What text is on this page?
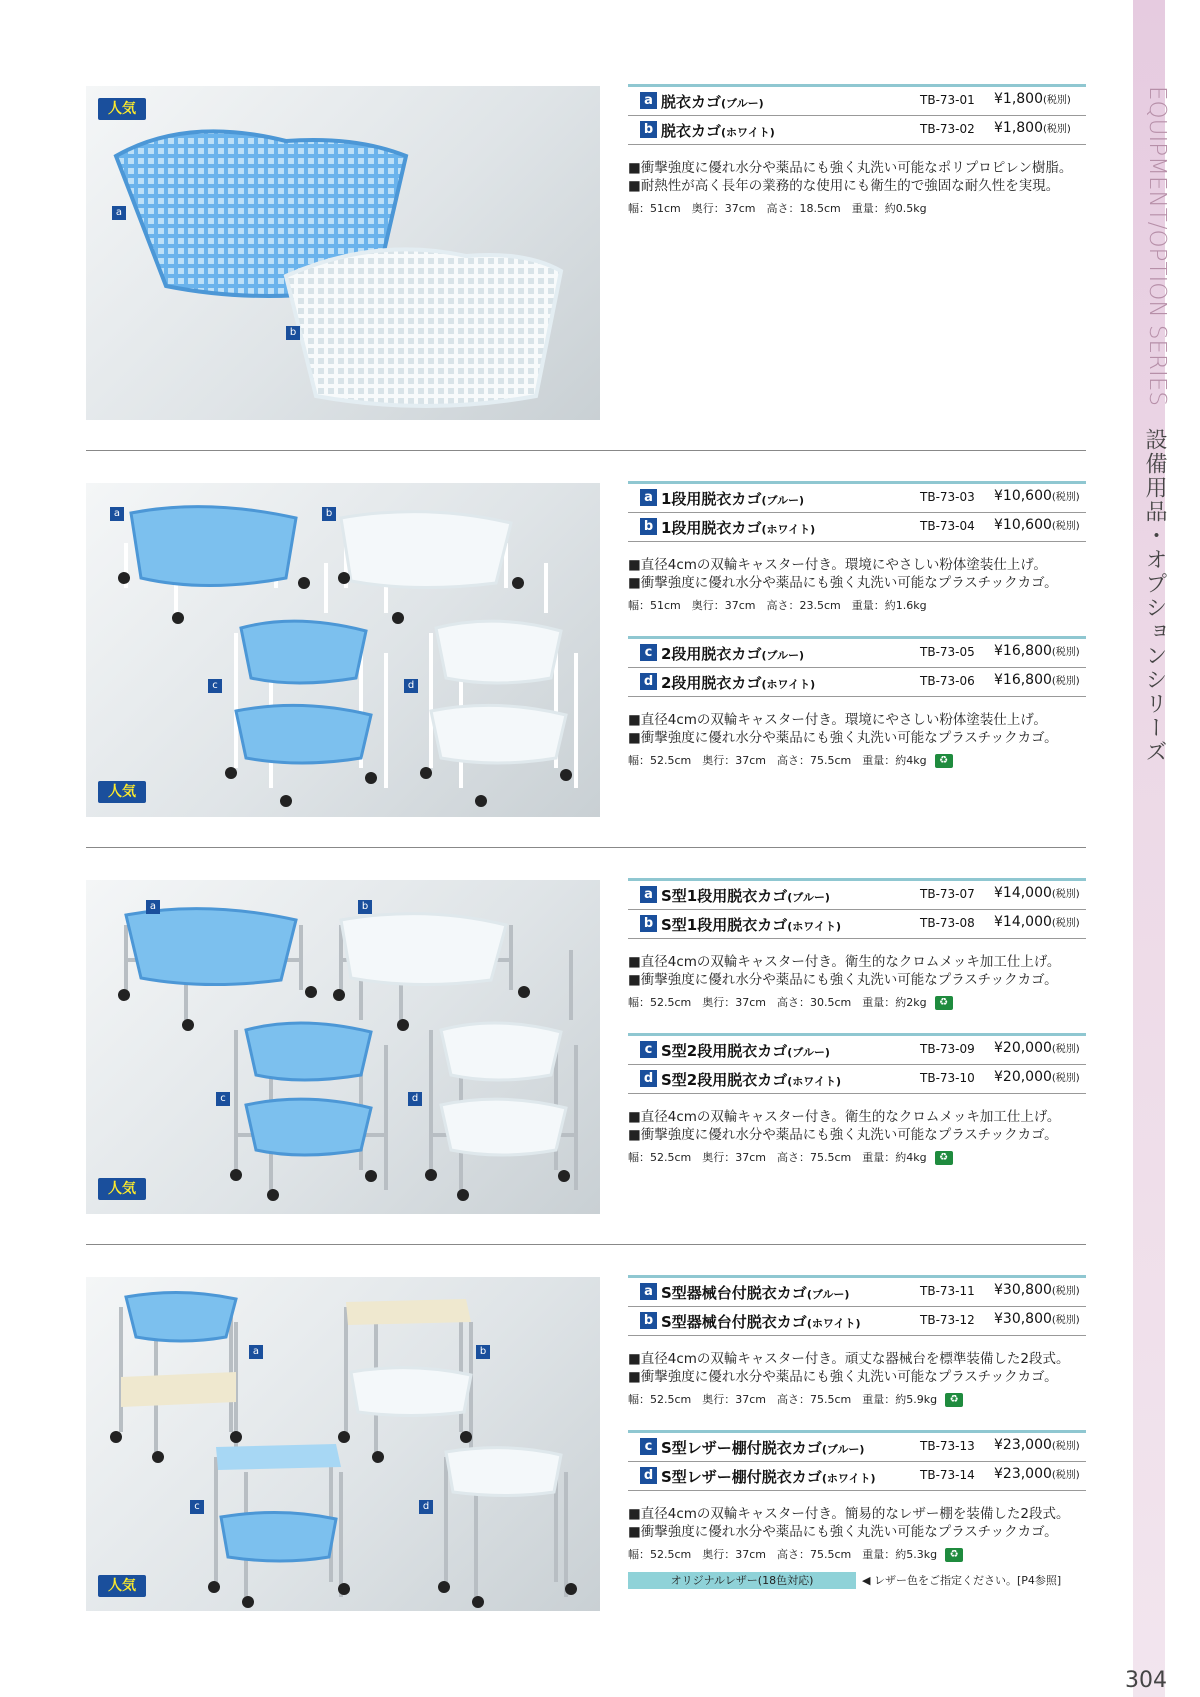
EQUIPMENT/OPTION SERIES
設備用品・オプションシリーズ
304
人気
a
b
a 脱衣カゴ(ブルー)	TB-73-01 ¥1,800(税別)
b 脱衣カゴ(ホワイト)	TB-73-02 ¥1,800(税別)
■衝撃強度に優れ水分や薬品にも強く丸洗い可能なポリプロピレン樹脂。
■耐熱性が高く長年の業務的な使用にも衛生的で強固な耐久性を実現。
幅：51cm　奥行：37cm　高さ：18.5cm　重量：約0.5kg
a	b
c	d
人気
a 1段用脱衣カゴ(ブルー)	TB-73-03 ¥10,600(税別)
b 1段用脱衣カゴ(ホワイト)	TB-73-04 ¥10,600(税別)
■直径4cmの双輪キャスター付き。環境にやさしい粉体塗装仕上げ。
■衝撃強度に優れ水分や薬品にも強く丸洗い可能なプラスチックカゴ。
幅：51cm　奥行：37cm　高さ：23.5cm　重量：約1.6kg
c 2段用脱衣カゴ(ブルー)	TB-73-05 ¥16,800(税別)
d 2段用脱衣カゴ(ホワイト)	TB-73-06 ¥16,800(税別)
■直径4cmの双輪キャスター付き。環境にやさしい粉体塗装仕上げ。
■衝撃強度に優れ水分や薬品にも強く丸洗い可能なプラスチックカゴ。
幅：52.5cm　奥行：37cm　高さ：75.5cm　重量：約4kg ♻
a	b
c	d
人気
a S型1段用脱衣カゴ(ブルー)	TB-73-07 ¥14,000(税別)
b S型1段用脱衣カゴ(ホワイト)	TB-73-08 ¥14,000(税別)
■直径4cmの双輪キャスター付き。衛生的なクロムメッキ加工仕上げ。
■衝撃強度に優れ水分や薬品にも強く丸洗い可能なプラスチックカゴ。
幅：52.5cm　奥行：37cm　高さ：30.5cm　重量：約2kg ♻
c S型2段用脱衣カゴ(ブルー)	TB-73-09 ¥20,000(税別)
d S型2段用脱衣カゴ(ホワイト)	TB-73-10 ¥20,000(税別)
■直径4cmの双輪キャスター付き。衛生的なクロムメッキ加工仕上げ。
■衝撃強度に優れ水分や薬品にも強く丸洗い可能なプラスチックカゴ。
幅：52.5cm　奥行：37cm　高さ：75.5cm　重量：約4kg ♻
a	b
c	d
人気
a S型器械台付脱衣カゴ(ブルー)	TB-73-11 ¥30,800(税別)
b S型器械台付脱衣カゴ(ホワイト)	TB-73-12 ¥30,800(税別)
■直径4cmの双輪キャスター付き。頑丈な器械台を標準装備した2段式。
■衝撃強度に優れ水分や薬品にも強く丸洗い可能なプラスチックカゴ。
幅：52.5cm　奥行：37cm　高さ：75.5cm　重量：約5.9kg ♻
c S型レザー棚付脱衣カゴ(ブルー)	TB-73-13 ¥23,000(税別)
d S型レザー棚付脱衣カゴ(ホワイト)	TB-73-14 ¥23,000(税別)
■直径4cmの双輪キャスター付き。簡易的なレザー棚を装備した2段式。
■衝撃強度に優れ水分や薬品にも強く丸洗い可能なプラスチックカゴ。
幅：52.5cm　奥行：37cm　高さ：75.5cm　重量：約5.3kg ♻
オリジナルレザー(18色対応)	◀ レザー色をご指定ください。[P4参照]
